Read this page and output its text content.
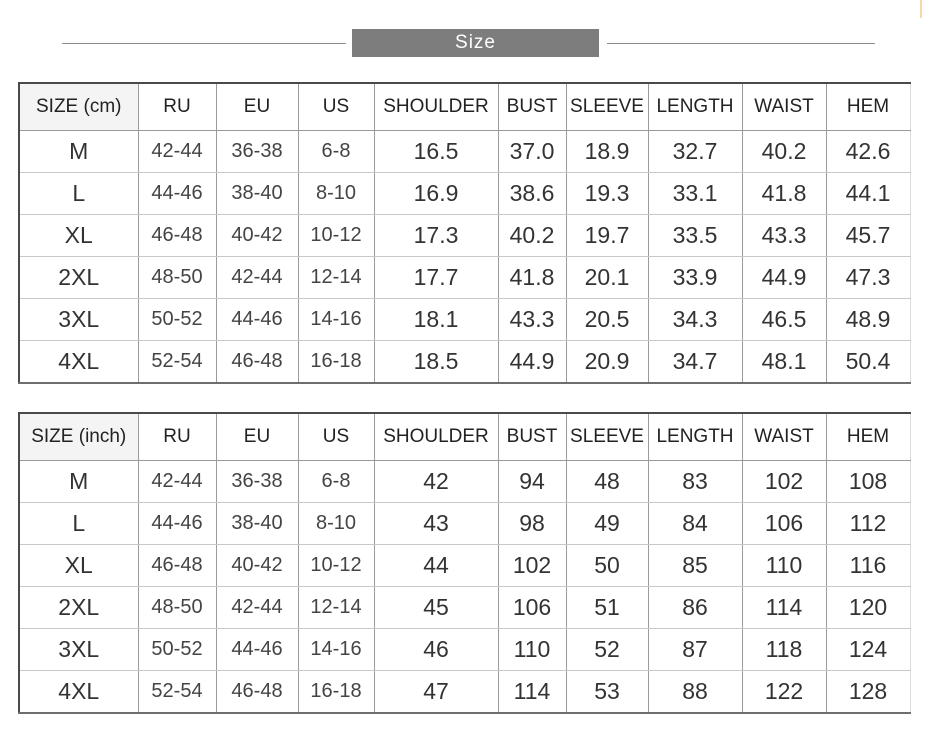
Size
SIZE (cm)	RU	EU	US	SHOULDER	BUST	SLEEVE	LENGTH	WAIST	HEM
M	42-44	36-38	6-8	16.5	37.0	18.9	32.7	40.2	42.6
L	44-46	38-40	8-10	16.9	38.6	19.3	33.1	41.8	44.1
XL	46-48	40-42	10-12	17.3	40.2	19.7	33.5	43.3	45.7
2XL	48-50	42-44	12-14	17.7	41.8	20.1	33.9	44.9	47.3
3XL	50-52	44-46	14-16	18.1	43.3	20.5	34.3	46.5	48.9
4XL	52-54	46-48	16-18	18.5	44.9	20.9	34.7	48.1	50.4
SIZE (inch)	RU	EU	US	SHOULDER	BUST	SLEEVE	LENGTH	WAIST	HEM
M	42-44	36-38	6-8	42	94	48	83	102	108
L	44-46	38-40	8-10	43	98	49	84	106	112
XL	46-48	40-42	10-12	44	102	50	85	110	116
2XL	48-50	42-44	12-14	45	106	51	86	114	120
3XL	50-52	44-46	14-16	46	110	52	87	118	124
4XL	52-54	46-48	16-18	47	114	53	88	122	128
